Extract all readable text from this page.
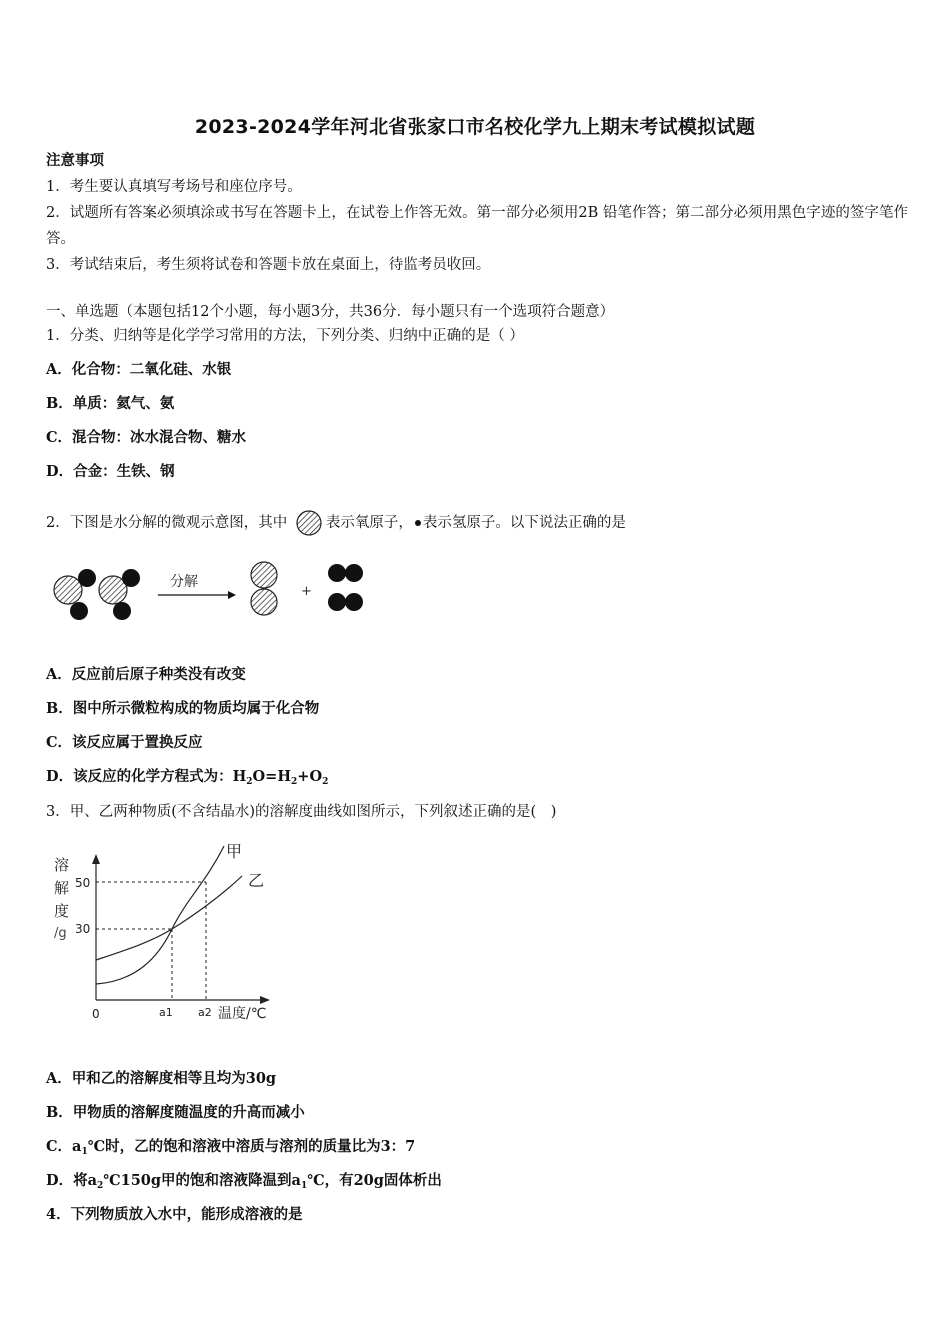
2023-2024学年河北省张家口市名校化学九上期末考试模拟试题
注意事项
1．考生要认真填写考场号和座位序号。
2．试题所有答案必须填涂或书写在答题卡上，在试卷上作答无效。第一部分必须用2B 铅笔作答；第二部分必须用黑色字迹的签字笔作答。
3．考试结束后，考生须将试卷和答题卡放在桌面上，待监考员收回。
一、单选题（本题包括12个小题，每小题3分，共36分．每小题只有一个选项符合题意）
1．分类、归纳等是化学学习常用的方法，下列分类、归纳中正确的是（ ）
A．化合物：二氧化硅、水银
B．单质：氦气、氨
C．混合物：冰水混合物、糖水
D．合金：生铁、钢
2．下图是水分解的微观示意图，其中	表示氧原子， 表示氢原子。以下说法正确的是
分解
+
A．反应前后原子种类没有改变
B．图中所示微粒构成的物质均属于化合物
C．该反应属于置换反应
D．该反应的化学方程式为：$H_2O=H_2+O_2$
3．甲、乙两种物质(不含结晶水)的溶解度曲线如图所示，下列叙述正确的是(　)
溶
解
度
/g
50
30
0	a1 a2 温度/℃
甲
乙
A．甲和乙的溶解度相等且均为30g
B．甲物质的溶解度随温度的升高而减小
C．$a_1℃$时，乙的饱和溶液中溶质与溶剂的质量比为3：7
D．将$a_2℃150g$甲的饱和溶液降温到$a_1℃$，有20g固体析出
4．下列物质放入水中，能形成溶液的是
